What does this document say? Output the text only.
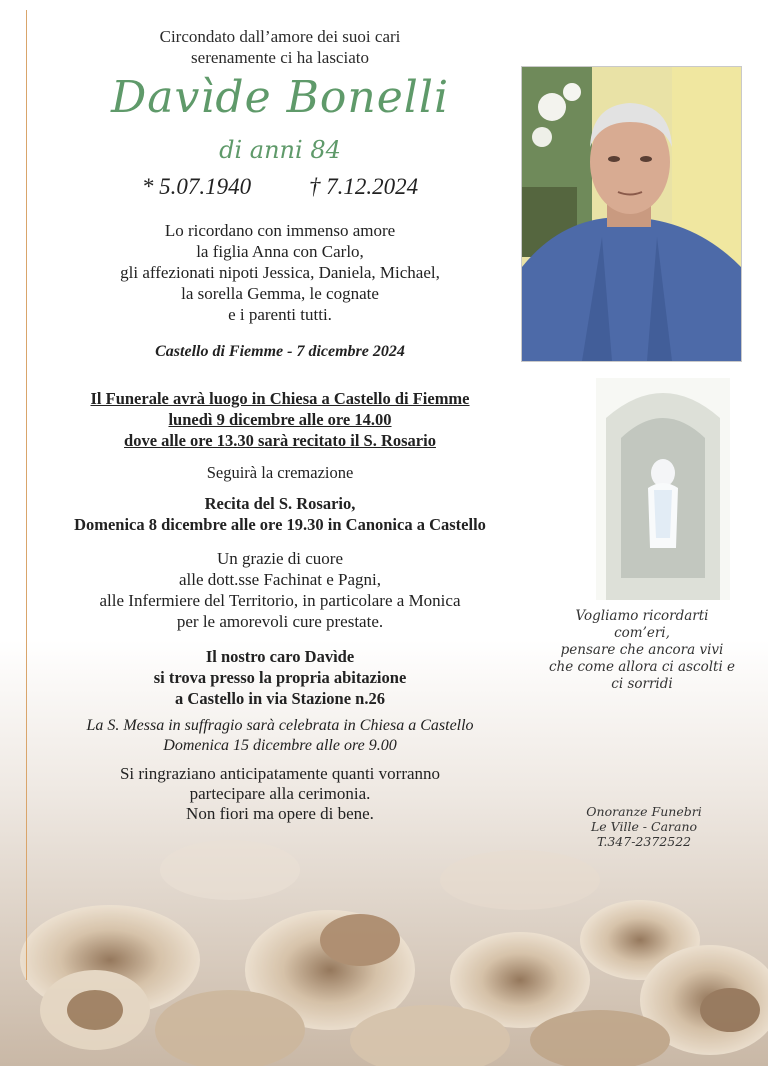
Circondato dall’amore dei suoi cari
serenamente ci ha lasciato
Davìde Bonelli
di anni 84
* 5.07.1940	† 7.12.2024
Lo ricordano con immenso amore
la figlia Anna con Carlo,
gli affezionati nipoti Jessica, Daniela, Michael,
la sorella Gemma, le cognate
e i parenti tutti.
Castello di Fiemme - 7 dicembre 2024
Il Funerale avrà luogo in Chiesa a Castello di Fiemme
lunedì 9 dicembre alle ore 14.00
dove alle ore 13.30 sarà recitato il S. Rosario
Seguirà la cremazione
Recita del S. Rosario,
Domenica 8 dicembre alle ore 19.30 in Canonica a Castello
Un grazie di cuore
alle dott.sse Fachinat e Pagni,
alle Infermiere del Territorio, in particolare a Monica
per le amorevoli cure prestate.
Il nostro caro Davìde
si trova presso la propria abitazione
a Castello in via Stazione n.26
La S. Messa in suffragio sarà celebrata in Chiesa a Castello
Domenica 15 dicembre alle ore 9.00
Si ringraziano anticipatamente quanti vorranno
partecipare alla cerimonia.
Non fiori ma opere di bene.
Vogliamo ricordarti
com’eri,
pensare che ancora vivi
che come allora ci ascolti e
ci sorridi
Onoranze Funebri
Le Ville - Carano
T.347-2372522
